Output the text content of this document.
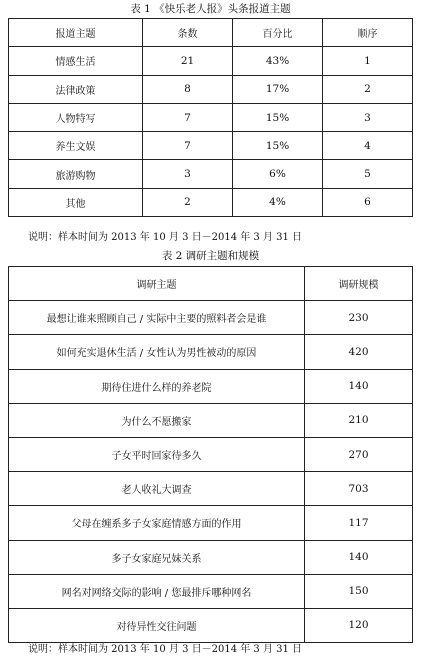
表 1 《快乐老人报》头条报道主题
报道主题	条数	百分比	顺序
情感生活	21	43%	1
法律政策	8	17%	2
人物特写	7	15%	3
养生文娱	7	15%	4
旅游购物	3	6%	5
其他	2	4%	6
说明：样本时间为 2013 年 10 月 3 日－2014 年 3 月 31 日
表 2 调研主题和规模
调研主题	调研规模
最想让谁来照顾自己 / 实际中主要的照料者会是谁	230
如何充实退休生活 / 女性认为男性被动的原因	420
期待住进什么样的养老院	140
为什么不愿搬家	210
子女平时回家待多久	270
老人收礼大调查	703
父母在缠系多子女家庭情感方面的作用	117
多子女家庭兄妹关系	140
网名对网络交际的影响 / 您最排斥哪种网名	150
对待异性交往问题	120
说明：样本时间为 2013 年 10 月 3 日－2014 年 3 月 31 日
